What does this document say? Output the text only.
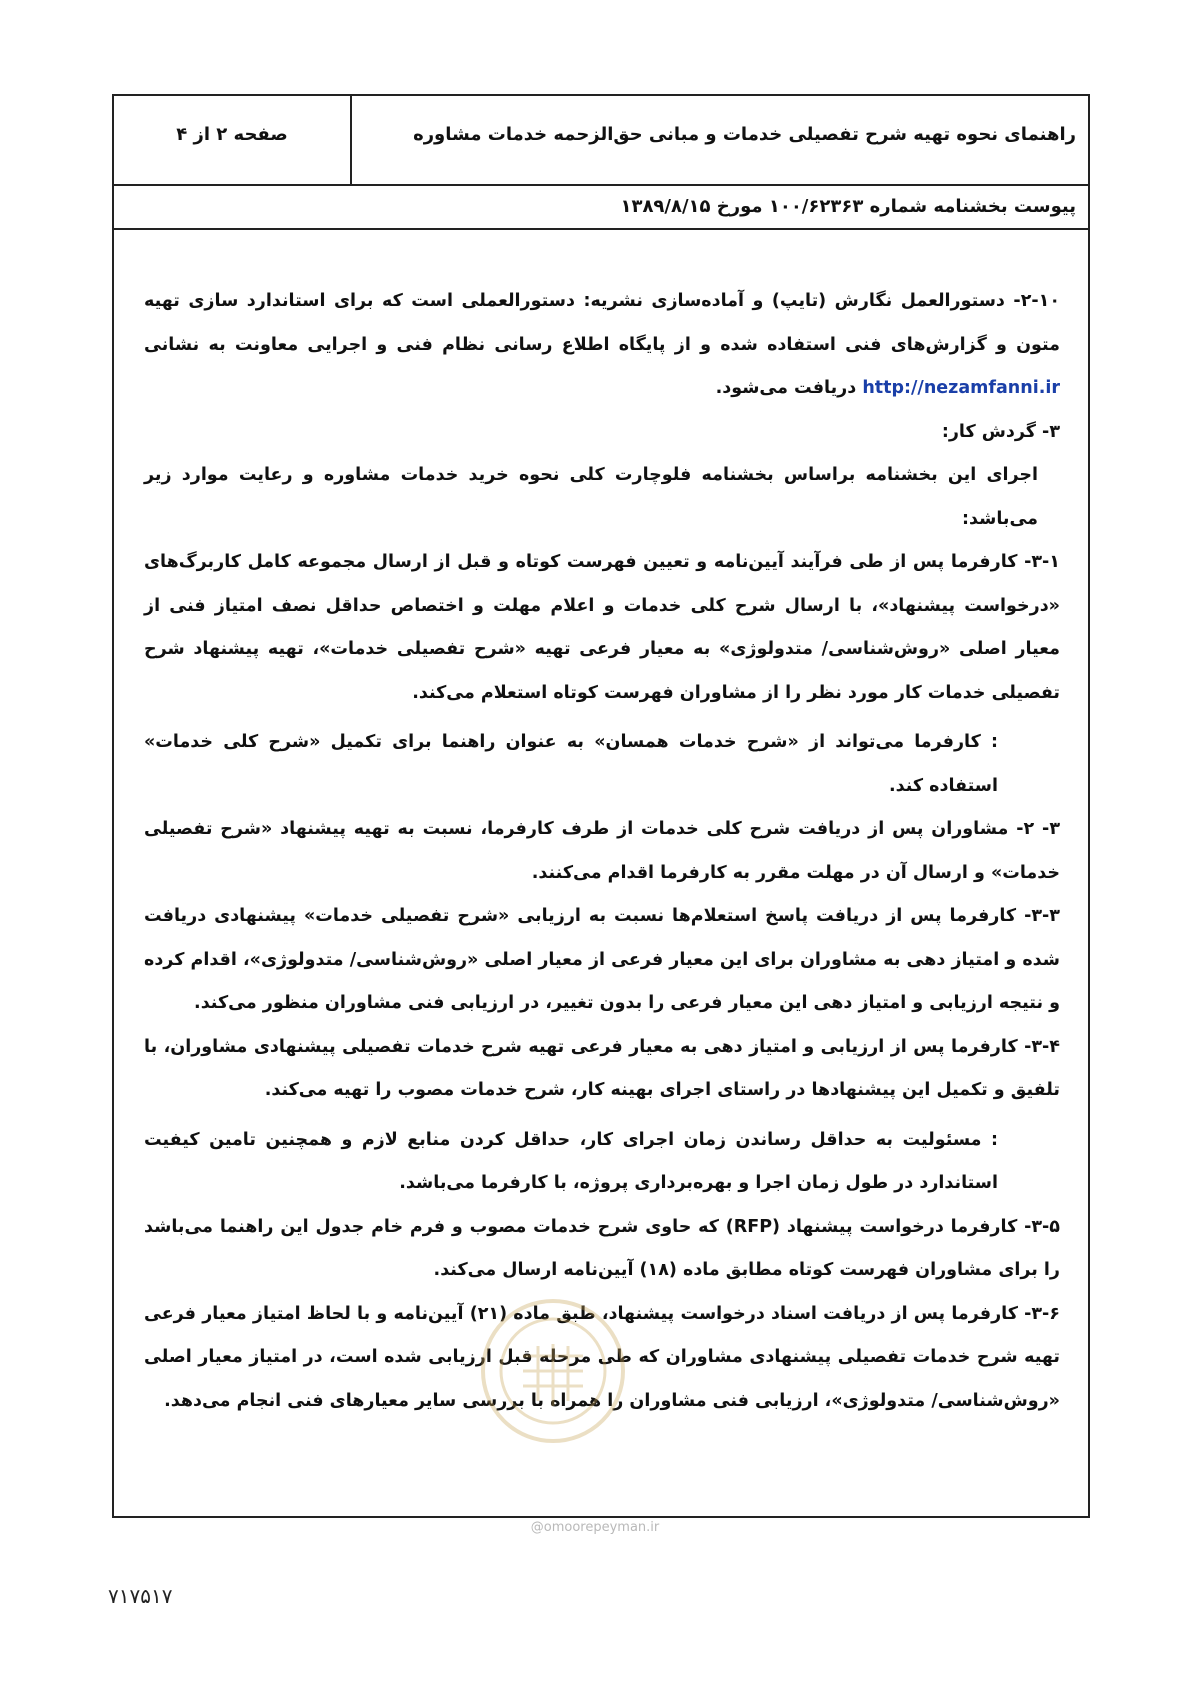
راهنمای نحوه تهیه شرح تفصیلی خدمات و مبانی حق‌الزحمه خدمات مشاوره
صفحه ۲ از ۴
پیوست بخشنامه شماره ۱۰۰/۶۲۳۶۳ مورخ ۱۳۸۹/۸/۱۵

۲-۱۰- دستورالعمل نگارش (تایپ) و آماده‌سازی نشریه: دستورالعملی است که برای استاندارد سازی تهیه متون و گزارش‌های فنی استفاده شده و از پایگاه اطلاع رسانی نظام فنی و اجرایی معاونت به نشانی http://nezamfanni.ir دریافت می‌شود.

۳- گردش کار:

اجرای این بخشنامه براساس بخشنامه فلوچارت کلی نحوه خرید خدمات مشاوره و رعایت موارد زیر می‌باشد:

۳-۱- کارفرما پس از طی فرآیند آیین‌نامه و تعیین فهرست کوتاه و قبل از ارسال مجموعه کامل کاربرگ‌های «درخواست پیشنهاد»، با ارسال شرح کلی خدمات و اعلام مهلت و اختصاص حداقل نصف امتیاز فنی از معیار اصلی «روش‌شناسی/ متدولوژی» به معیار فرعی تهیه «شرح تفصیلی خدمات»، تهیه پیشنهاد شرح تفصیلی خدمات کار مورد نظر را از مشاوران فهرست کوتاه استعلام می‌کند.

: کارفرما می‌تواند از «شرح خدمات همسان» به عنوان راهنما برای تکمیل «شرح کلی خدمات» استفاده کند.

۳- ۲- مشاوران پس از دریافت شرح کلی خدمات از طرف کارفرما، نسبت به تهیه پیشنهاد «شرح تفصیلی خدمات» و ارسال آن در مهلت مقرر به کارفرما اقدام می‌کنند.

۳-۳- کارفرما پس از دریافت پاسخ استعلام‌ها نسبت به ارزیابی «شرح تفصیلی خدمات» پیشنهادی دریافت شده و امتیاز دهی به مشاوران برای این معیار فرعی از معیار اصلی «روش‌شناسی/ متدولوژی»، اقدام کرده و نتیجه ارزیابی و امتیاز دهی این معیار فرعی را بدون تغییر، در ارزیابی فنی مشاوران منظور می‌کند.

۳-۴- کارفرما پس از ارزیابی و امتیاز دهی به معیار فرعی تهیه شرح خدمات تفصیلی پیشنهادی مشاوران، با تلفیق و تکمیل این پیشنهادها در راستای اجرای بهینه کار، شرح خدمات مصوب را تهیه می‌کند.

: مسئولیت به حداقل رساندن زمان اجرای کار، حداقل کردن منابع لازم و همچنین تامین کیفیت استاندارد در طول زمان اجرا و بهره‌برداری پروژه، با کارفرما می‌باشد.

۳-۵- کارفرما درخواست پیشنهاد (RFP) که حاوی شرح خدمات مصوب و فرم خام جدول این راهنما می‌باشد را برای مشاوران فهرست کوتاه مطابق ماده (۱۸) آیین‌نامه ارسال می‌کند.

۳-۶- کارفرما پس از دریافت اسناد درخواست پیشنهاد، طبق ماده (۲۱) آیین‌نامه و با لحاظ امتیاز معیار فرعی تهیه شرح خدمات تفصیلی پیشنهادی مشاوران که طی مرحله قبل ارزیابی شده است، در امتیاز معیار اصلی «روش‌شناسی/ متدولوژی»، ارزیابی فنی مشاوران را همراه با بررسی سایر معیارهای فنی انجام می‌دهد.

@omoorepeyman.ir
۷۱۷۵۱۷
